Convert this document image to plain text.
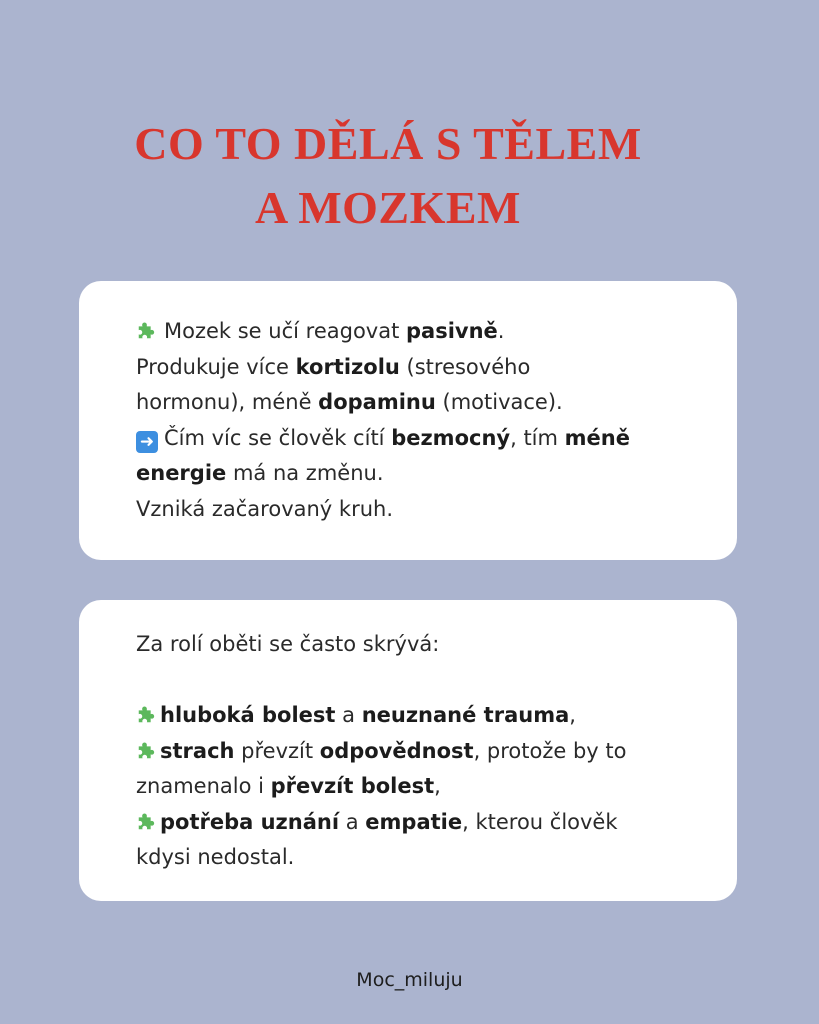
CO TO DĚLÁ S TĚLEM
A MOZKEM

Mozek se učí reagovat pasivně.

Produkuje více kortizolu (stresového

hormonu), méně dopaminu (motivace).

➜ Čím víc se člověk cítí bezmocný, tím méně

energie má na změnu.

Vzniká začarovaný kruh.

Za rolí oběti se často skrývá:

hluboká bolest a neuznané trauma,

strach převzít odpovědnost, protože by to

znamenalo i převzít bolest,

potřeba uznání a empatie, kterou člověk

kdysi nedostal.

Moc_miluju
